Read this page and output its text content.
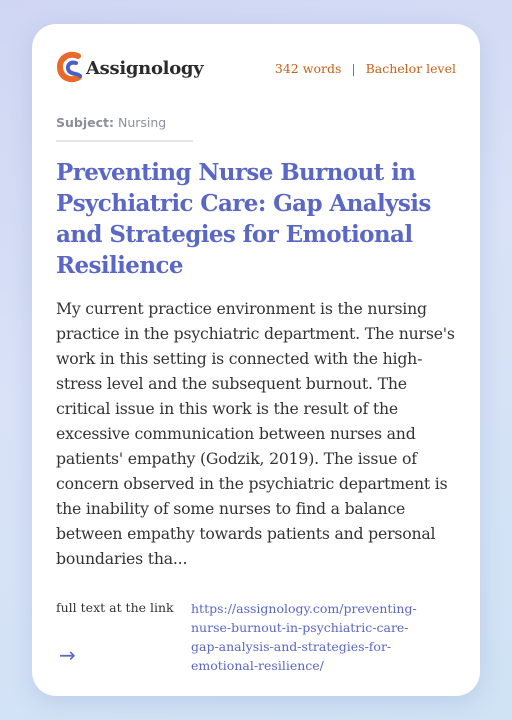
Assignology	342 words | Bachelor level
Subject: Nursing
Preventing Nurse Burnout in Psychiatric Care: Gap Analysis and Strategies for Emotional Resilience

My current practice environment is the nursing practice in the psychiatric department. The nurse's work in this setting is connected with the high-stress level and the subsequent burnout. The critical issue in this work is the result of the excessive communication between nurses and patients' empathy (Godzik, 2019). The issue of concern observed in the psychiatric department is the inability of some nurses to find a balance between empathy towards patients and personal boundaries tha...

full text at the link
→
https://assignology.com/preventing-
nurse-burnout-in-psychiatric-care-
gap-analysis-and-strategies-for-
emotional-resilience/
